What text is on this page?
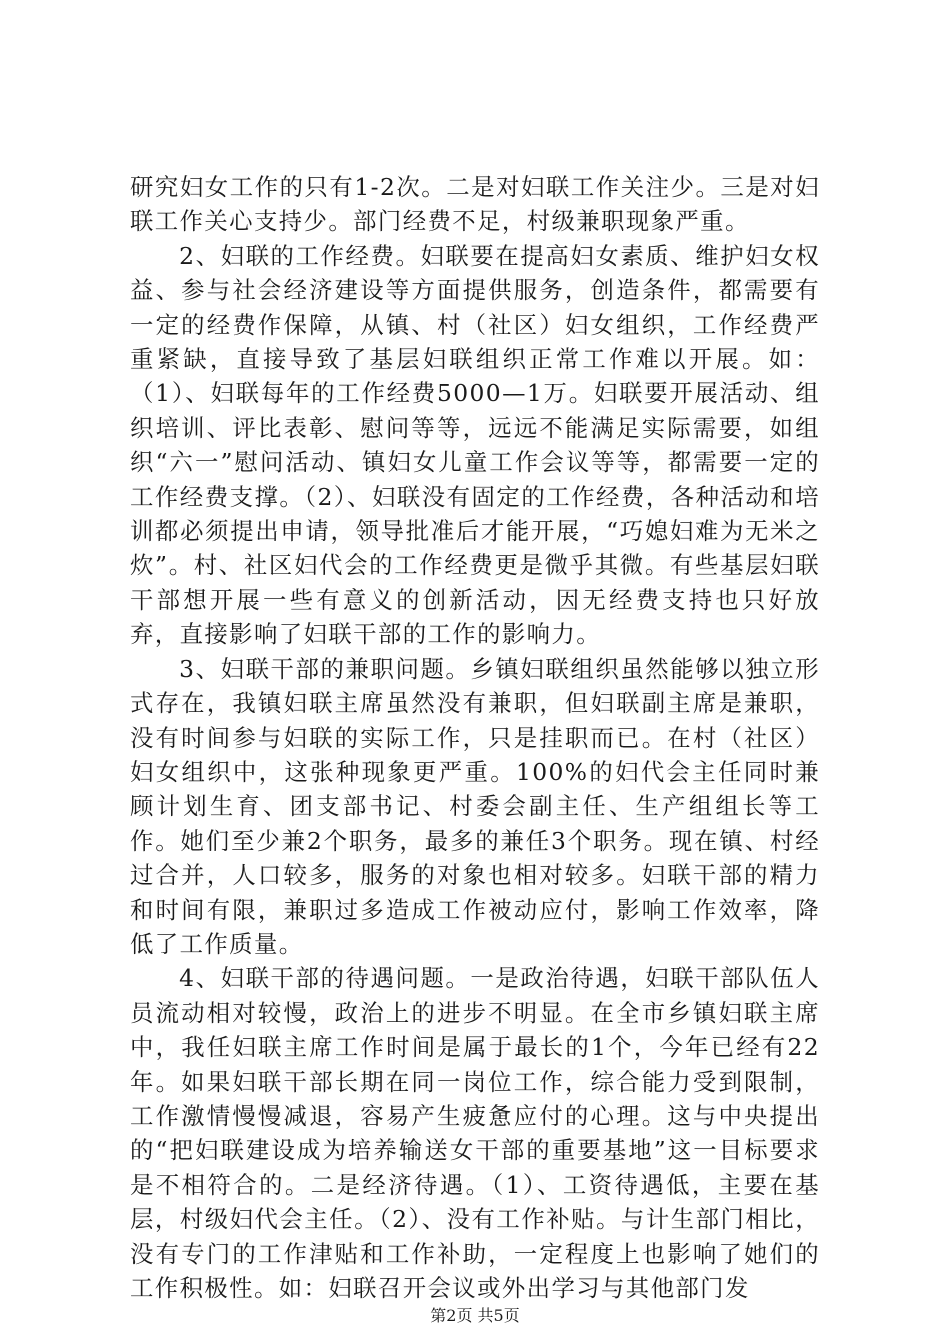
研究妇女工作的只有1-2次。二是对妇联工作关注少。三是对妇联工作关心支持少。部门经费不足，村级兼职现象严重。

2、妇联的工作经费。妇联要在提高妇女素质、维护妇女权益、参与社会经济建设等方面提供服务，创造条件，都需要有一定的经费作保障，从镇、村（社区）妇女组织，工作经费严重紧缺，直接导致了基层妇联组织正常工作难以开展。如：（1）、妇联每年的工作经费5000—1万。妇联要开展活动、组织培训、评比表彰、慰问等等，远远不能满足实际需要，如组织“六一”慰问活动、镇妇女儿童工作会议等等，都需要一定的工作经费支撑。（2）、妇联没有固定的工作经费，各种活动和培训都必须提出申请，领导批准后才能开展，“巧媳妇难为无米之炊”。村、社区妇代会的工作经费更是微乎其微。有些基层妇联干部想开展一些有意义的创新活动，因无经费支持也只好放弃，直接影响了妇联干部的工作的影响力。

3、妇联干部的兼职问题。乡镇妇联组织虽然能够以独立形式存在，我镇妇联主席虽然没有兼职，但妇联副主席是兼职，没有时间参与妇联的实际工作，只是挂职而已。在村（社区）妇女组织中，这张种现象更严重。100%的妇代会主任同时兼顾计划生育、团支部书记、村委会副主任、生产组组长等工作。她们至少兼2个职务，最多的兼任3个职务。现在镇、村经过合并，人口较多，服务的对象也相对较多。妇联干部的精力和时间有限，兼职过多造成工作被动应付，影响工作效率，降低了工作质量。

4、妇联干部的待遇问题。一是政治待遇，妇联干部队伍人员流动相对较慢，政治上的进步不明显。在全市乡镇妇联主席中，我任妇联主席工作时间是属于最长的1个，今年已经有22年。如果妇联干部长期在同一岗位工作，综合能力受到限制，工作激情慢慢减退，容易产生疲惫应付的心理。这与中央提出的“把妇联建设成为培养输送女干部的重要基地”这一目标要求是不相符合的。二是经济待遇。（1）、工资待遇低，主要在基层，村级妇代会主任。（2）、没有工作补贴。与计生部门相比，没有专门的工作津贴和工作补助，一定程度上也影响了她们的工作积极性。如：妇联召开会议或外出学习与其他部门发

第2页 共5页
